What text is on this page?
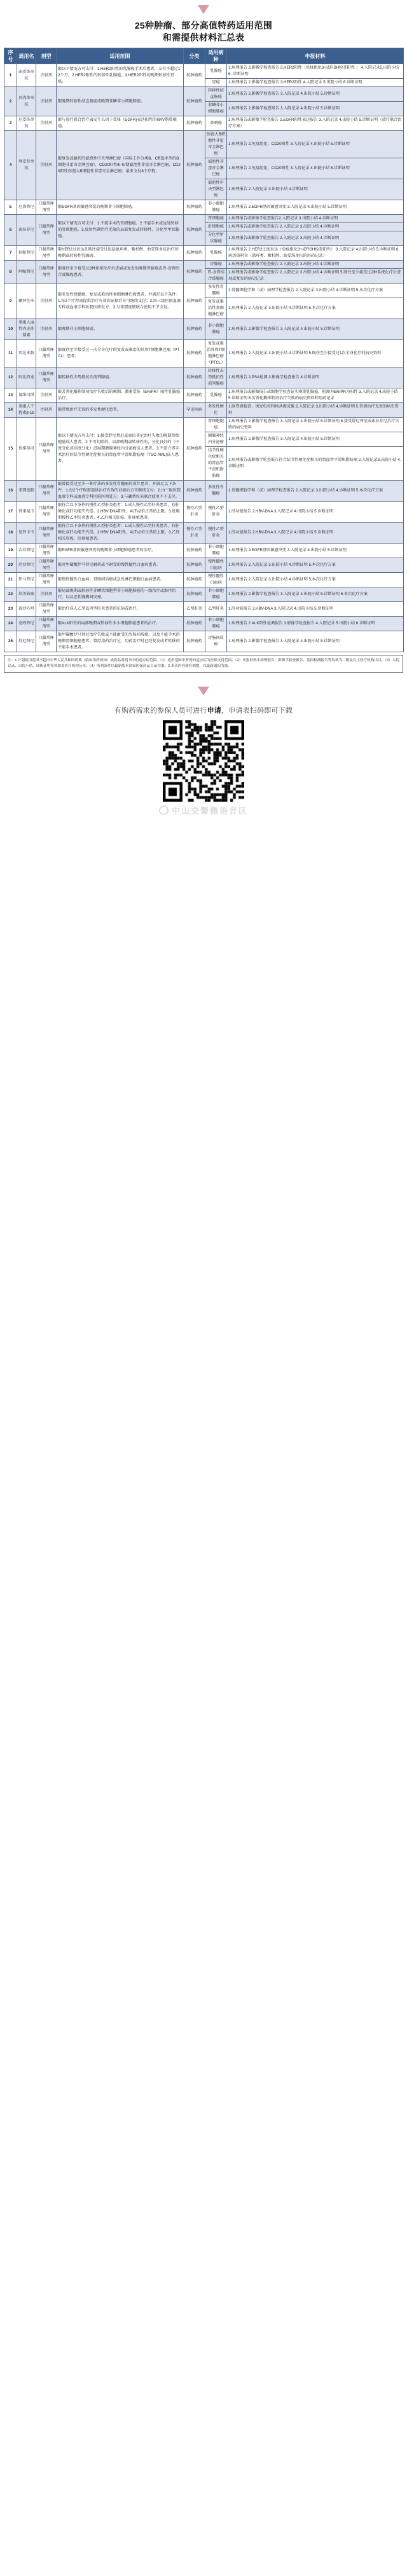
25种肿瘤、部分高值特药适用范围
和需提供材料汇总表
序号	通用名	剂型	适用范围	分类	适用病种	申报材料
1	曲妥珠单抗	注射剂	限以下情况方可支付：1.HER2阳性的乳腺癌手术后患者，支付不超过12个月。2.HER2阳性的转移性乳腺癌。3.HER2阳性的晚期转移性胃癌。	抗肿瘤药	乳腺癌	1.病理报告 2.影像学检查报告 3.HER2阳性（免疫组化3+或FISH检查阳性 ） 4.入院记录5.出院小结 6. 诊断证明
					胃癌	1.病理报告 2.影像学检查报告 3.HER2阳性 4.入院记录 5.出院小结 6.诊断证明
2	贝伐珠单抗	注射剂	限晚期转移性结直肠癌或晚期非鳞非小细胞肺癌。	抗肿瘤药	转移性结直肠癌	1.病理报告 2.影像学检查报告 3.入院记录 4.出院小结 5.诊断证明
					非鳞非小细胞肺癌	1.病理报告 2.影像学检查报告 3.入院记录 4.出院小结 5.诊断证明
3	尼妥珠单抗	注射剂	限与放疗联合治疗表皮生长因子受体（EGFR)表达阳性的III/IV期鼻咽癌。	抗肿瘤药	鼻咽癌	1.病理报告或影像学检查报告 2.EGFR阳性表达报告 3.入院记录 4.出院小结 5.诊断证明（放疗联合治疗方案）
4	利妥昔单抗	注射剂	限复发或耐药的滤泡性中央型淋巴瘤（国际工作分类B、C和D亚型的B细胞非霍奇金淋巴瘤），CD20阳性III-IV期滤泡性非霍奇金淋巴瘤，CD20阳性弥漫大B细胞性非霍奇金淋巴瘤；最多支付8个疗程。	抗肿瘤药	弥漫大B细胞性非霍奇金淋巴瘤	1.病理报告 2.免疫组化：CD20阳性 3.入院记录 4.出院小结 5.诊断证明
					滤泡性非霍奇金淋巴瘤	1.病理报告 2.免疫组化：CD20阳性 3.入院记录 4.出院小结 5.诊断证明
					滤泡性中央型淋巴瘤	1.病理报告 2.入院记录 3.出院小结 4.诊断证明
5	厄洛替尼	口服常释剂型	限EGFR基因敏感突变的晚期非小细胞肺癌。	抗肿瘤药	非小细胞肺癌	1.病理报告 2.EGFR基因敏感突变 3.入院记录 4.出院小结 5.诊断证明
6	索拉非尼	口服常释剂型	限以下情况方可支付：1.不能手术的肾细胞癌。2.不能手术或远处转移的肝细胞癌。3.放射性碘治疗无效的局部复发或转移性、分化型甲状腺癌。	抗肿瘤药	肾细胞癌	1.病理报告或影像学检查报告2.入院记录 3.出院小结 4.诊断证明
					肝细胞癌	1.病理报告或影像学检查报告 2.入院记录 3.出院小结 4.诊断证明
					分化型甲状腺癌	1.病理报告或影像学检查报告 2.入院记录 3.出院小结 4.诊断证明
7	拉帕替尼	口服常释剂型	限HER2过表达且既往接受过包括蒽环类、紫杉醇、曲妥珠单抗治疗的晚期或转移性乳腺癌。	抗肿瘤药	乳腺癌	1.病理报告 2.HER2过度表达（免疫组化3+或FISH检查阳性） 3.入院记录 4.出院小结 5.诊断证明 6.病历资料含（蒽环类、紫杉醇、曲妥珠单抗的用药记录）
8	阿帕替尼	口服常释剂型	限既往至少接受过2种系统化疗后进展或复发的晚期胃腺癌或胃-食管结合部腺癌患者。	抗肿瘤药	胃腺癌	1.病理报告或影像学检查报告 2.入院记录 3.出院小结 4.诊断证明
					胃-食管结合部腺癌	1.病理报告或影像学检查报告 2.入院记录 3.出院小结 4.诊断证明 5.既往至少接受过2种系统化疗后进展或复发的病史记录
9	硼替佐米	注射剂	限多发性骨髓瘤、复发或难治性套细胞淋巴瘤患者，并满足以下条件：1.每2个疗程需提供治疗有效的证据后方可继续支付；2.由三级医院血液专科或血液专科医院医师处方；3.与来那度胺联合使用不予支付。	抗肿瘤药	多发性骨髓瘤	1.骨髓细胞学和（或）病理学检查报告 2.入院记录 3.出院小结 4.诊断证明 5.本次化疗方案
					复发或难治性套细胞淋巴瘤	1.病理报告 2.入院记录 3.出院小结 4.诊断证明 5.本次化疗方案
10	重组人血管内皮抑制素	注射剂	限晚期非小细胞肺癌。	抗肿瘤药	非小细胞肺癌	1.病理报告 2.影像学检查报告 3.入院记录 4.出院小结 5.诊断证明
11	西达本胺	口服常释剂型	限既往至少接受过一次全身化疗的复发或难治的外周T细胞淋巴瘤（PTCL）患者。	抗肿瘤药	复发或难治外周T细胞淋巴瘤（PTCL）	1.病理报告 2.入院记录 3.出院小结 4.诊断证明 5.既往至少接受过1次全身化疗的病史资料
12	阿比特龙	口服常释剂型	限转移性去势抵抗性前列腺癌。	抗肿瘤药	转移性去势抵抗性前列腺癌	1.病理报告 2.PSA检测 3.影像学检查报告 4.诊断证明
13	氟维司群	注射剂	限芳香化酶抑制剂治疗失败后的晚期、激素受体（ER/PR）阳性乳腺癌治疗。	抗肿瘤药	乳腺癌	1.病理报告或影像报告或细胞学检查证实晚期乳腺癌，检测为ER/PR为阳性 3.入院记录 4.出院小结 5.诊断证明 6.芳香化酶抑制剂治疗失败的病史资料和用药记录
14	重组人干扰素β-1b	注射剂	限常规治疗无效的多发性硬化患者。	罕见疾病	多发性硬化	1.脑脊液检查、诱发电位和核共振成像 2.入院记录 3.出院小结 4.诊断证明 5.常规治疗无效的病史资料
15	依维莫司	口服常释剂型	限以下情况方可支付：1.接受舒尼替尼或索拉非尼治疗失败的晚期肾细胞癌成人患者。2.不可切除的、局部晚期或转移性的、分化良好的（中度分化或高度分化）进展期胰腺神经内分泌瘤成人患者。3.不需立即手术治疗的结节性硬化症相关的肾血管平滑肌脂肪瘤（TSC-AML)成人患者。	抗肿瘤药	肾细胞胞癌	1.病理报告 2.影像学检查报告 3.入院记录 4.出院小结 5.诊断证明 6.接受舒尼替尼或索拉非尼治疗失败的病史资料
					胰腺神经内分泌瘤	1.病理报告 2.影像学检查报告 3.入院记录 4.出院小结 5.诊断证明
					结节性硬化症相关的肾血管平滑肌脂肪瘤	1.病理报告或影像学检查报告符合结节性硬化症相关的肾血管平滑肌脂肪瘤 2.入院记录3.出院小结 4.诊断证明
16	来那度胺	口服常释剂型	限曾接受过至少一种疗法的多发性骨髓瘤的成年患者，并满足以下条件：1.每2个疗程需提供治疗有效的证据后方可继续支付；2.由三级医院血液专科或血液专科医院医师处方；3.与硼替佐米联合使用不予支付。	抗肿瘤药	多发性骨髓瘤	1.骨髓细胞学和（或）病理学检查报告 2.入院记录 3.出院小结 4.诊断证明 5.本次化疗方案
17	替诺福韦	口服常释剂型	限符合以下条件的慢性乙型肝炎患者：1.成人慢性乙型肝炎患者，有肝硬化或肝功能失代偿。2.HBV DNA阳性，ALT≥2倍正常值上限。3.妊娠期慢性乙型肝炎患者。4.乙肝相关肝癌、肝移植患者。	慢性乙型肝炎	慢性乙型肝炎	1.肝功能报告 2.HBV-DNA 3.入院记录 4.出院小结 5.诊断证明
18	恩替卡韦	口服常释剂型	限符合以下条件的慢性乙型肝炎患者：1.成人慢性乙型肝炎患者，有肝硬化或肝功能失代偿。2.HBV DNA阳性，ALT≥2倍正常值上限。3.乙肝相关肝癌、肝移植患者。	慢性乙型肝炎	慢性乙型肝炎	1.肝功能报告 2.HBV-DNA 3.入院记录 4.出院小结 5.诊断证明
19	吉非替尼	口服常释剂型	限EGFR基因敏感突变的晚期非小细胞肺癌患者的治疗。	抗肿瘤药	非小细胞肺癌	1.病理报告 2.EGFR基因敏感突变 3.入院记录 4.出院小结 5.诊断证明
20	达沙替尼	口服常释剂型	限对甲磺酸伊马替尼耐药或不耐受的慢性髓性白血病患者。	抗肿瘤药	慢性髓性白血病	1.病理报告 2.入院记录 3.出院小结 4.诊断证明 5.本次化疗方案
21	伊马替尼	口服常释剂型	限慢性髓性白血病、胃肠间质瘤或急性淋巴细胞白血病患者。	抗肿瘤药	慢性髓性白血病	1.病理报告 2.入院记录 3.出院小结 4.诊断证明 5.本次化疗方案
22	培美曲塞	注射剂	限局部晚期或转移性非鳞状细胞型非小细胞肺癌的一线治疗或维持治疗，以及恶性胸膜间皮瘤。	抗肿瘤药	非小细胞肺癌	1.病理报告 2.影像学检查报告 3.入院记录 4.出院小结 5.诊断证明 6.本次化疗方案
23	福沙匹坦	口服常释剂型	限治疗成人乙型或丙型肝炎患者的抗病毒治疗。	乙型肝炎	乙型肝炎	1.肝功能报告 2.HBV-DNA 3.入院记录 4.出院小结 5.诊断证明
24	克唑替尼	口服常释剂型	限ALK阳性的局部晚期或转移性非小细胞肺癌患者的治疗。	抗肿瘤药	非小细胞肺癌	1.病理报告 2.ALK阳性检测报告 3.影像学检查报告 4.入院记录 5.出院小结 6.诊断证明
25	舒尼替尼	口服常释剂型	限甲磺酸伊马替尼治疗失败或不能耐受的胃肠间质瘤，以及不能手术的晚期肾细胞癌患者。曾经用药治疗过，用药治疗时已经复发或者转移的不能手术患者。	抗肿瘤药	胃肠间质瘤	1.病理报告 2.影像学检查报告 3.入院记录 4.出院小结 5.诊断证明
注：1.计划使用范围不超出中华人民共和国药典（临床用药须知）或药品说明书中的适应症范围。（1）适用范围中所列的适应症为医保支付范围。（2）申报材料中病理报告、影像学检查报告、基因检测报告等均须为二级及以上医疗机构出具。（3）入院记录、出院小结、诊断证明等须加盖医疗机构公章。（4）所列条件以最新版本国家医保药品目录为准。2.本表内容如有调整，以最新通知为准。
有购药需求的参保人员可进行申请，申请表扫码即可下载
中山交警微语音区
